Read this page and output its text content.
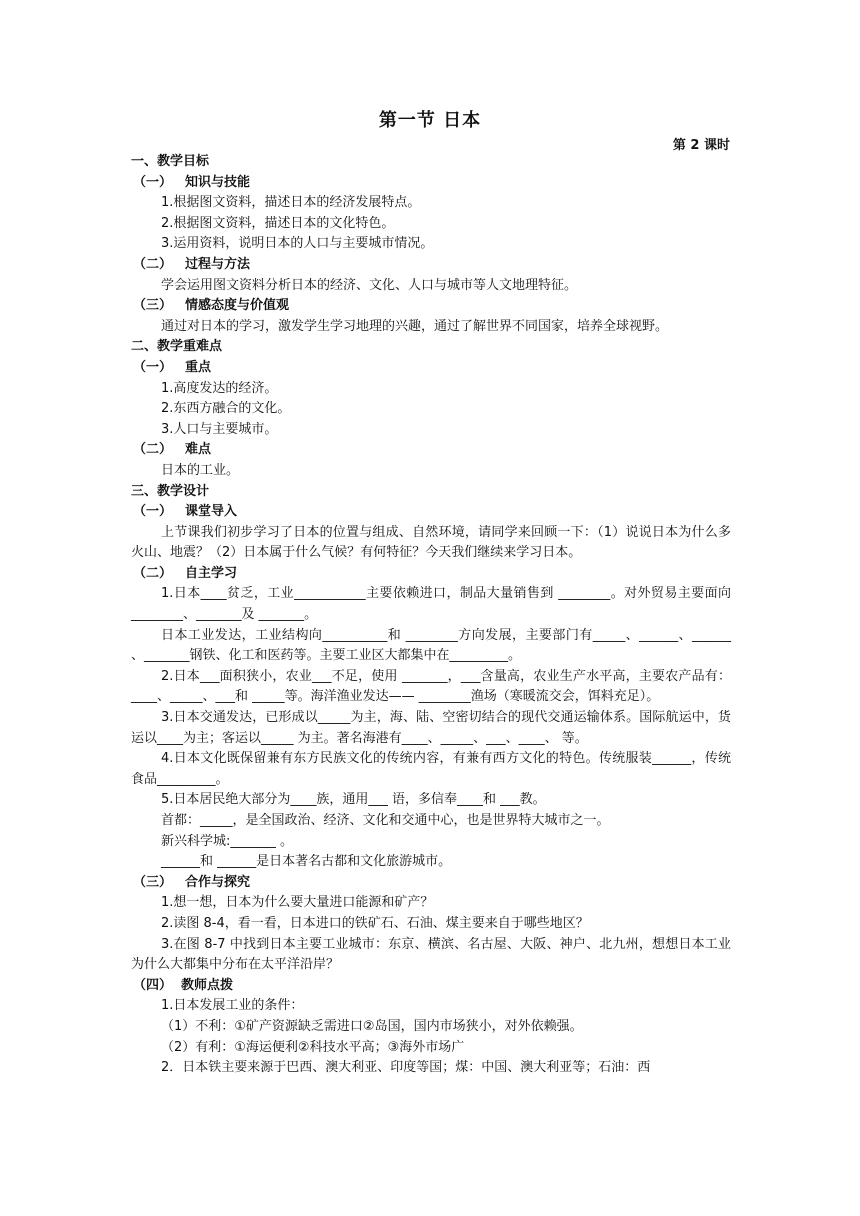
第一节 日本
第 2 课时

一、教学目标

（一） 知识与技能

1.根据图文资料，描述日本的经济发展特点。

2.根据图文资料，描述日本的文化特色。

3.运用资料，说明日本的人口与主要城市情况。

（二） 过程与方法

学会运用图文资料分析日本的经济、文化、人口与城市等人文地理特征。

（三） 情感态度与价值观

通过对日本的学习，激发学生学习地理的兴趣，通过了解世界不同国家，培养全球视野。

二、教学重难点

（一） 重点

1.高度发达的经济。

2.东西方融合的文化。

3.人口与主要城市。

（二） 难点

日本的工业。

三、教学设计

（一） 课堂导入

上节课我们初步学习了日本的位置与组成、自然环境，请同学来回顾一下：（1）说说日本为什么多火山、地震？（2）日本属于什么气候？有何特征？今天我们继续来学习日本。

（二） 自主学习

1.日本____贫乏，工业___________主要依赖进口，制品大量销售到 ________。对外贸易主要面向________、_______及 _______。

日本工业发达，工业结构向__________和 ________方向发展，主要部门有_____、______、______ 、_______钢铁、化工和医药等。主要工业区大都集中在_________。

2.日本___面积狭小，农业___不足，使用 _______，___含量高，农业生产水平高，主要农产品有：____、_____、___和 _____等。海洋渔业发达—— ________渔场（寒暖流交会，饵料充足）。

3.日本交通发达，已形成以_____为主，海、陆、空密切结合的现代交通运输体系。国际航运中，货运以____为主；客运以_____ 为主。著名海港有____、_____、___、____、 等。

4.日本文化既保留兼有东方民族文化的传统内容，有兼有西方文化的特色。传统服装______，传统食品_________。

5.日本居民绝大部分为____族，通用___ 语，多信奉____和 ___教。

首都：_____，是全国政治、经济、文化和交通中心，也是世界特大城市之一。

新兴科学城:_______ 。

______和 ______是日本著名古都和文化旅游城市。

（三） 合作与探究

1.想一想，日本为什么要大量进口能源和矿产？

2.读图 8-4，看一看，日本进口的铁矿石、石油、煤主要来自于哪些地区？

3.在图 8-7 中找到日本主要工业城市：东京、横滨、名古屋、大阪、神户、北九州，想想日本工业为什么大都集中分布在太平洋沿岸？

（四） 教师点拨

1.日本发展工业的条件：

（1）不利：①矿产资源缺乏需进口②岛国，国内市场狭小，对外依赖强。

（2）有利：①海运便利②科技水平高；③海外市场广

2．日本铁主要来源于巴西、澳大利亚、印度等国；煤：中国、澳大利亚等；石油：西
